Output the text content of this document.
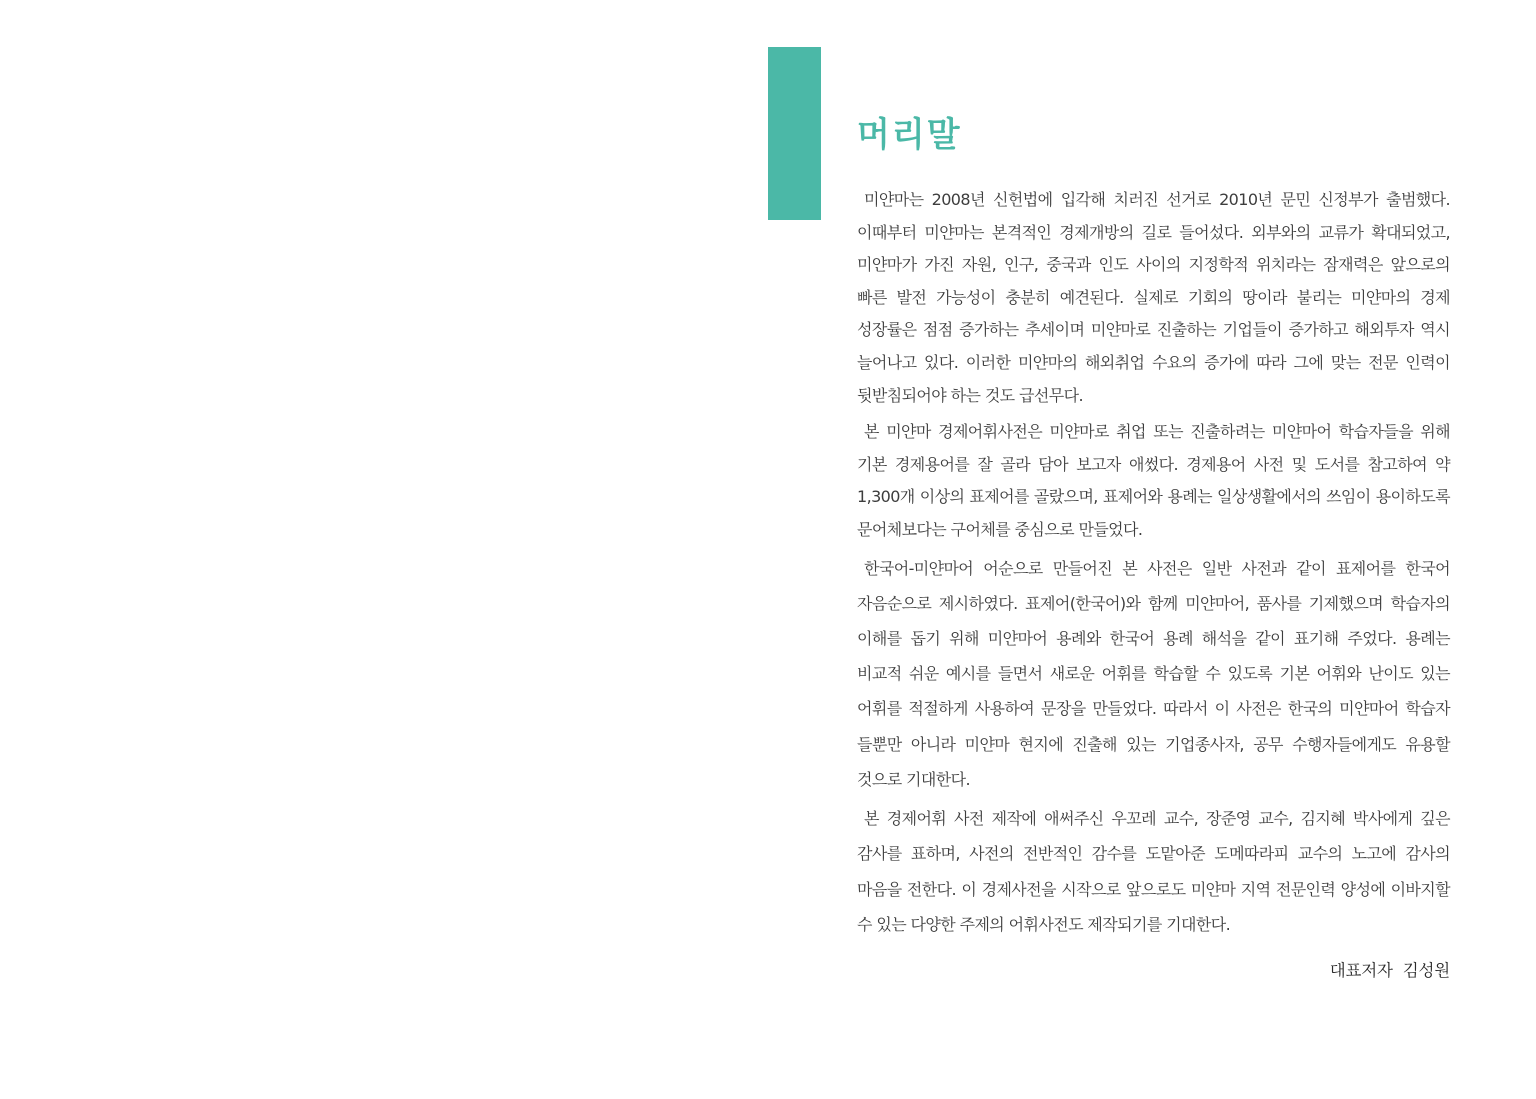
머리말

미얀마는 2008년 신헌법에 입각해 치러진 선거로 2010년 문민 신정부가 출범했다. 이때부터 미얀마는 본격적인 경제개방의 길로 들어섰다. 외부와의 교류가 확대되었고, 미얀마가 가진 자원, 인구, 중국과 인도 사이의 지정학적 위치라는 잠재력은 앞으로의 빠른 발전 가능성이 충분히 예견된다. 실제로 기회의 땅이라 불리는 미얀마의 경제 성장률은 점점 증가하는 추세이며 미얀마로 진출하는 기업들이 증가하고 해외투자 역시 늘어나고 있다. 이러한 미얀마의 해외취업 수요의 증가에 따라 그에 맞는 전문 인력이 뒷받침되어야 하는 것도 급선무다.

본 미얀마 경제어휘사전은 미얀마로 취업 또는 진출하려는 미얀마어 학습자들을 위해 기본 경제용어를 잘 골라 담아 보고자 애썼다. 경제용어 사전 및 도서를 참고하여 약 1,300개 이상의 표제어를 골랐으며, 표제어와 용례는 일상생활에서의 쓰임이 용이하도록 문어체보다는 구어체를 중심으로 만들었다.

한국어-미얀마어 어순으로 만들어진 본 사전은 일반 사전과 같이 표제어를 한국어 자음순으로 제시하였다. 표제어(한국어)와 함께 미얀마어, 품사를 기제했으며 학습자의 이해를 돕기 위해 미얀마어 용례와 한국어 용례 해석을 같이 표기해 주었다. 용례는 비교적 쉬운 예시를 들면서 새로운 어휘를 학습할 수 있도록 기본 어휘와 난이도 있는 어휘를 적절하게 사용하여 문장을 만들었다. 따라서 이 사전은 한국의 미얀마어 학습자 들뿐만 아니라 미얀마 현지에 진출해 있는 기업종사자, 공무 수행자들에게도 유용할 것으로 기대한다.

본 경제어휘 사전 제작에 애써주신 우꼬레 교수, 장준영 교수, 김지혜 박사에게 깊은 감사를 표하며, 사전의 전반적인 감수를 도맡아준 도메따라피 교수의 노고에 감사의 마음을 전한다. 이 경제사전을 시작으로 앞으로도 미얀마 지역 전문인력 양성에 이바지할 수 있는 다양한 주제의 어휘사전도 제작되기를 기대한다.

대표저자  김성원
